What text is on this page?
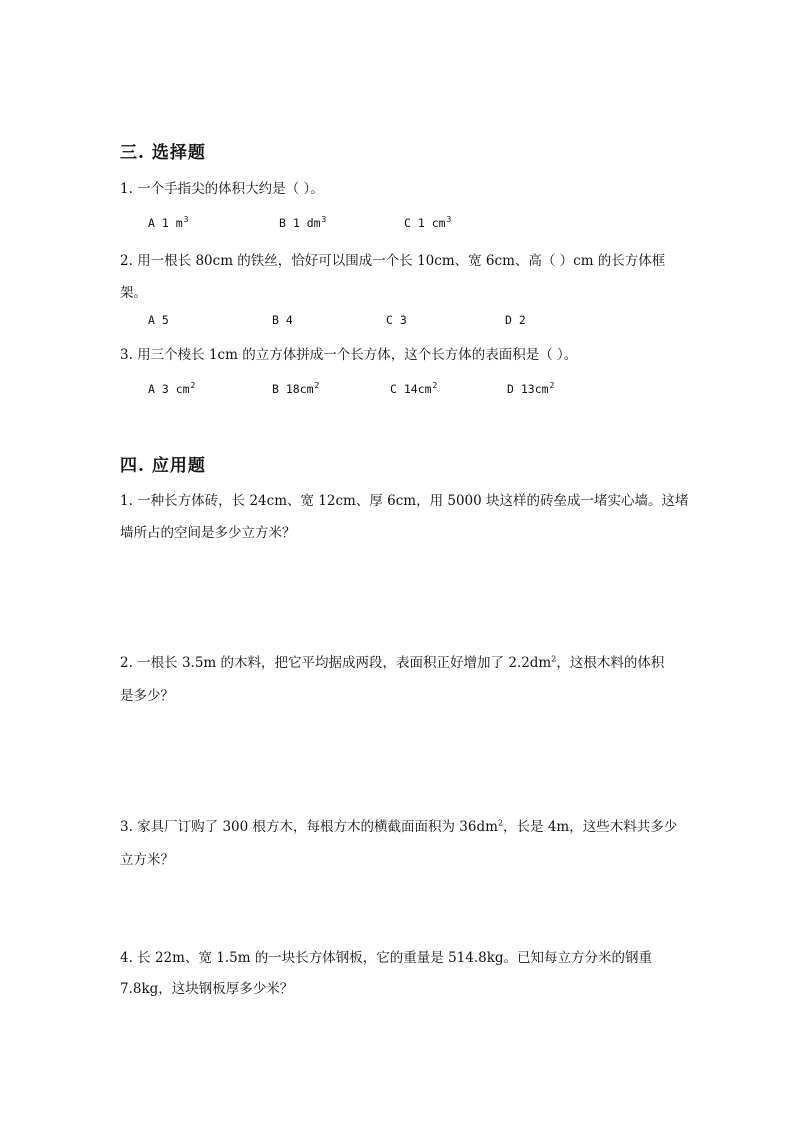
三. 选择题
1. 一个手指尖的体积大约是（ ）。
A 1 $m^3$	B 1 $dm^3$	C 1 $cm^3$
2. 用一根长 80cm 的铁丝，恰好可以围成一个长 10cm、宽 6cm、高（ ）cm 的长方体框
架。
A 5	B 4	C 3	D 2
3. 用三个棱长 1cm 的立方体拼成一个长方体，这个长方体的表面积是（ ）。
A 3 $cm^2$	B $18cm^2$	C $14cm^2$	D $13cm^2$
四. 应用题
1. 一种长方体砖，长 24cm、宽 12cm、厚 6cm，用 5000 块这样的砖垒成一堵实心墙。这堵
墙所占的空间是多少立方米？
2. 一根长 3.5m 的木料，把它平均据成两段，表面积正好增加了 $2.2dm^2$，这根木料的体积
是多少？
3. 家具厂订购了 300 根方木，每根方木的横截面面积为 $36dm^2$，长是 4m，这些木料共多少
立方米？
4. 长 22m、宽 1.5m 的一块长方体钢板，它的重量是 514.8kg。已知每立方分米的钢重
7.8kg，这块钢板厚多少米？
